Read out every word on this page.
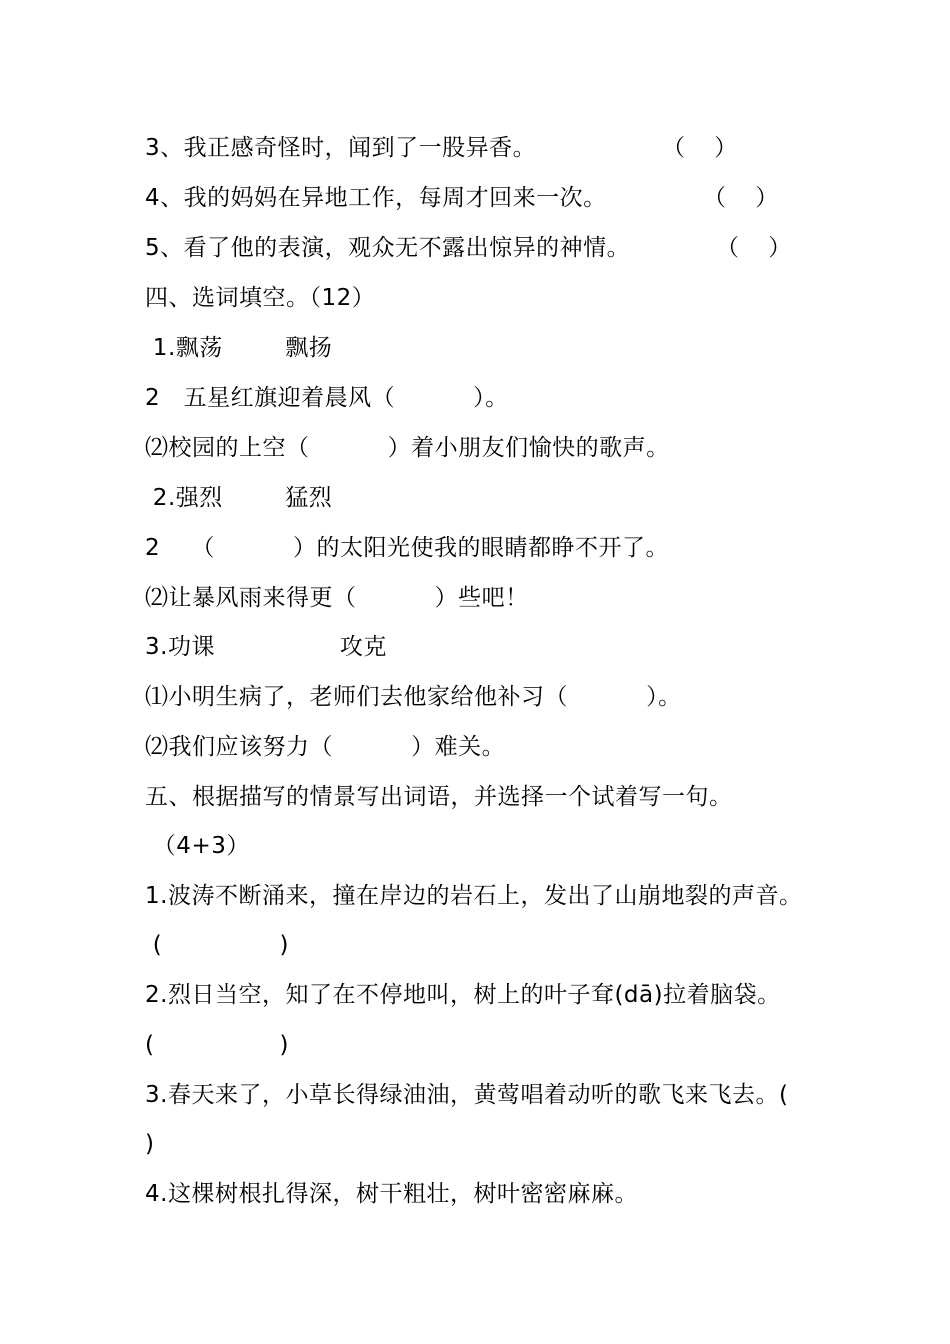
3、我正感奇怪时，闻到了一股异香。	（    ）
4、我的妈妈在异地工作，每周才回来一次。	（    ）
5、看了他的表演，观众无不露出惊异的神情。	（    ）
四、选词填空。（12）
1.飘荡        飘扬
2   五星红旗迎着晨风（          ）。
⑵校园的上空（          ）着小朋友们愉快的歌声。
2.强烈        猛烈
2    （          ）的太阳光使我的眼睛都睁不开了。
⑵让暴风雨来得更（          ）些吧！
3.功课                攻克
⑴小明生病了，老师们去他家给他补习（          ）。
⑵我们应该努力（          ）难关。
五、根据描写的情景写出词语，并选择一个试着写一句。
（4+3）
1.波涛不断涌来，撞在岸边的岩石上，发出了山崩地裂的声音。
(               )
2.烈日当空，知了在不停地叫，树上的叶子耷(dā)拉着脑袋。
(                )
3.春天来了，小草长得绿油油，黄莺唱着动听的歌飞来飞去。(
)
4.这棵树根扎得深，树干粗壮，树叶密密麻麻。
